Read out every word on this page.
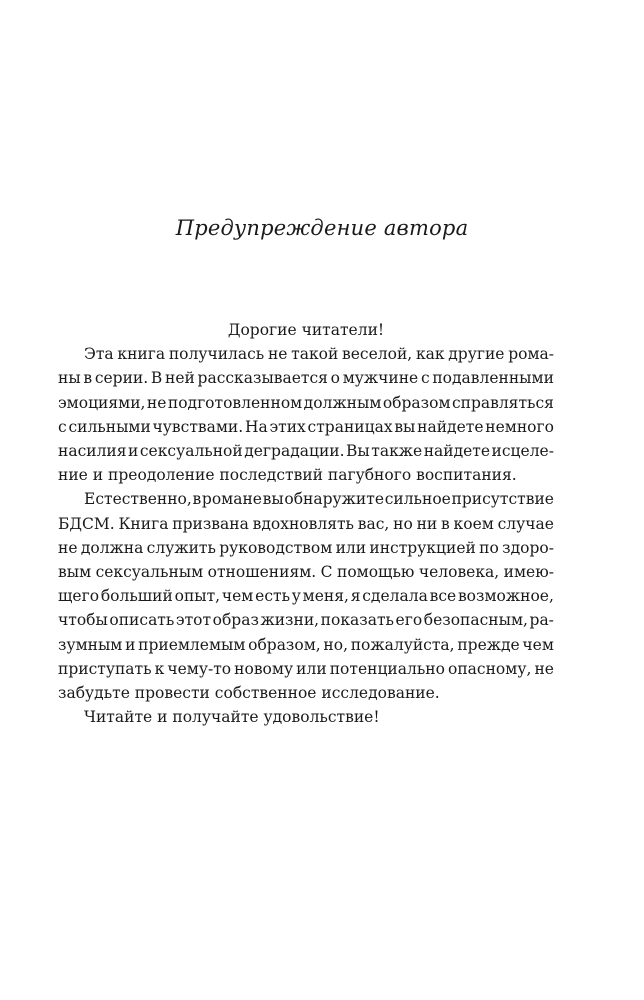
Предупреждение автора

Дорогие читатели!

Эта книга получилась не такой веселой, как другие рома-
ны в серии. В ней рассказывается о мужчине с подавленными
эмоциями, не подготовленном должным образом справляться
с сильными чувствами. На этих страницах вы найдете немного
насилия и сексуальной деградации. Вы также найдете исцеле-
ние и преодоление последствий пагубного воспитания.
Естественно, в романе вы обнаружите сильное присутствие
БДСМ. Книга призвана вдохновлять вас, но ни в коем случае
не должна служить руководством или инструкцией по здоро-
вым сексуальным отношениям. С помощью человека, имею-
щего больший опыт, чем есть у меня, я сделала все возможное,
чтобы описать этот образ жизни, показать его безопасным, ра-
зумным и приемлемым образом, но, пожалуйста, прежде чем
приступать к чему-то новому или потенциально опасному, не
забудьте провести собственное исследование.
Читайте и получайте удовольствие!
